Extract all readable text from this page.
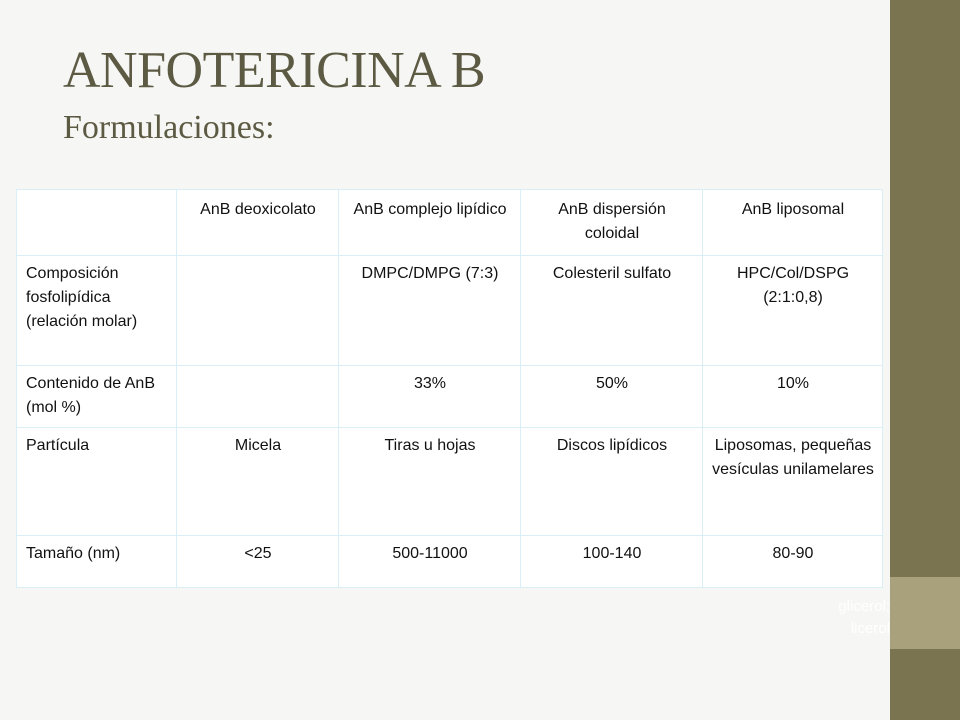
ANFOTERICINA B
Formulaciones:
	AnB deoxicolato	AnB complejo lipídico	AnB dispersión coloidal	AnB liposomal
Composición fosfolipídica (relación molar)		DMPC/DMPG (7:3)	Colesteril sulfato	HPC/Col/DSPG (2:1:0,8)
Contenido de AnB (mol %)		33%	50%	10%
Partícula	Micela	Tiras u hojas	Discos lipídicos	Liposomas, pequeñas vesículas unilamelares
Tamaño (nm)	<25	500-11000	100-140	80-90
glicerol;
licerol
